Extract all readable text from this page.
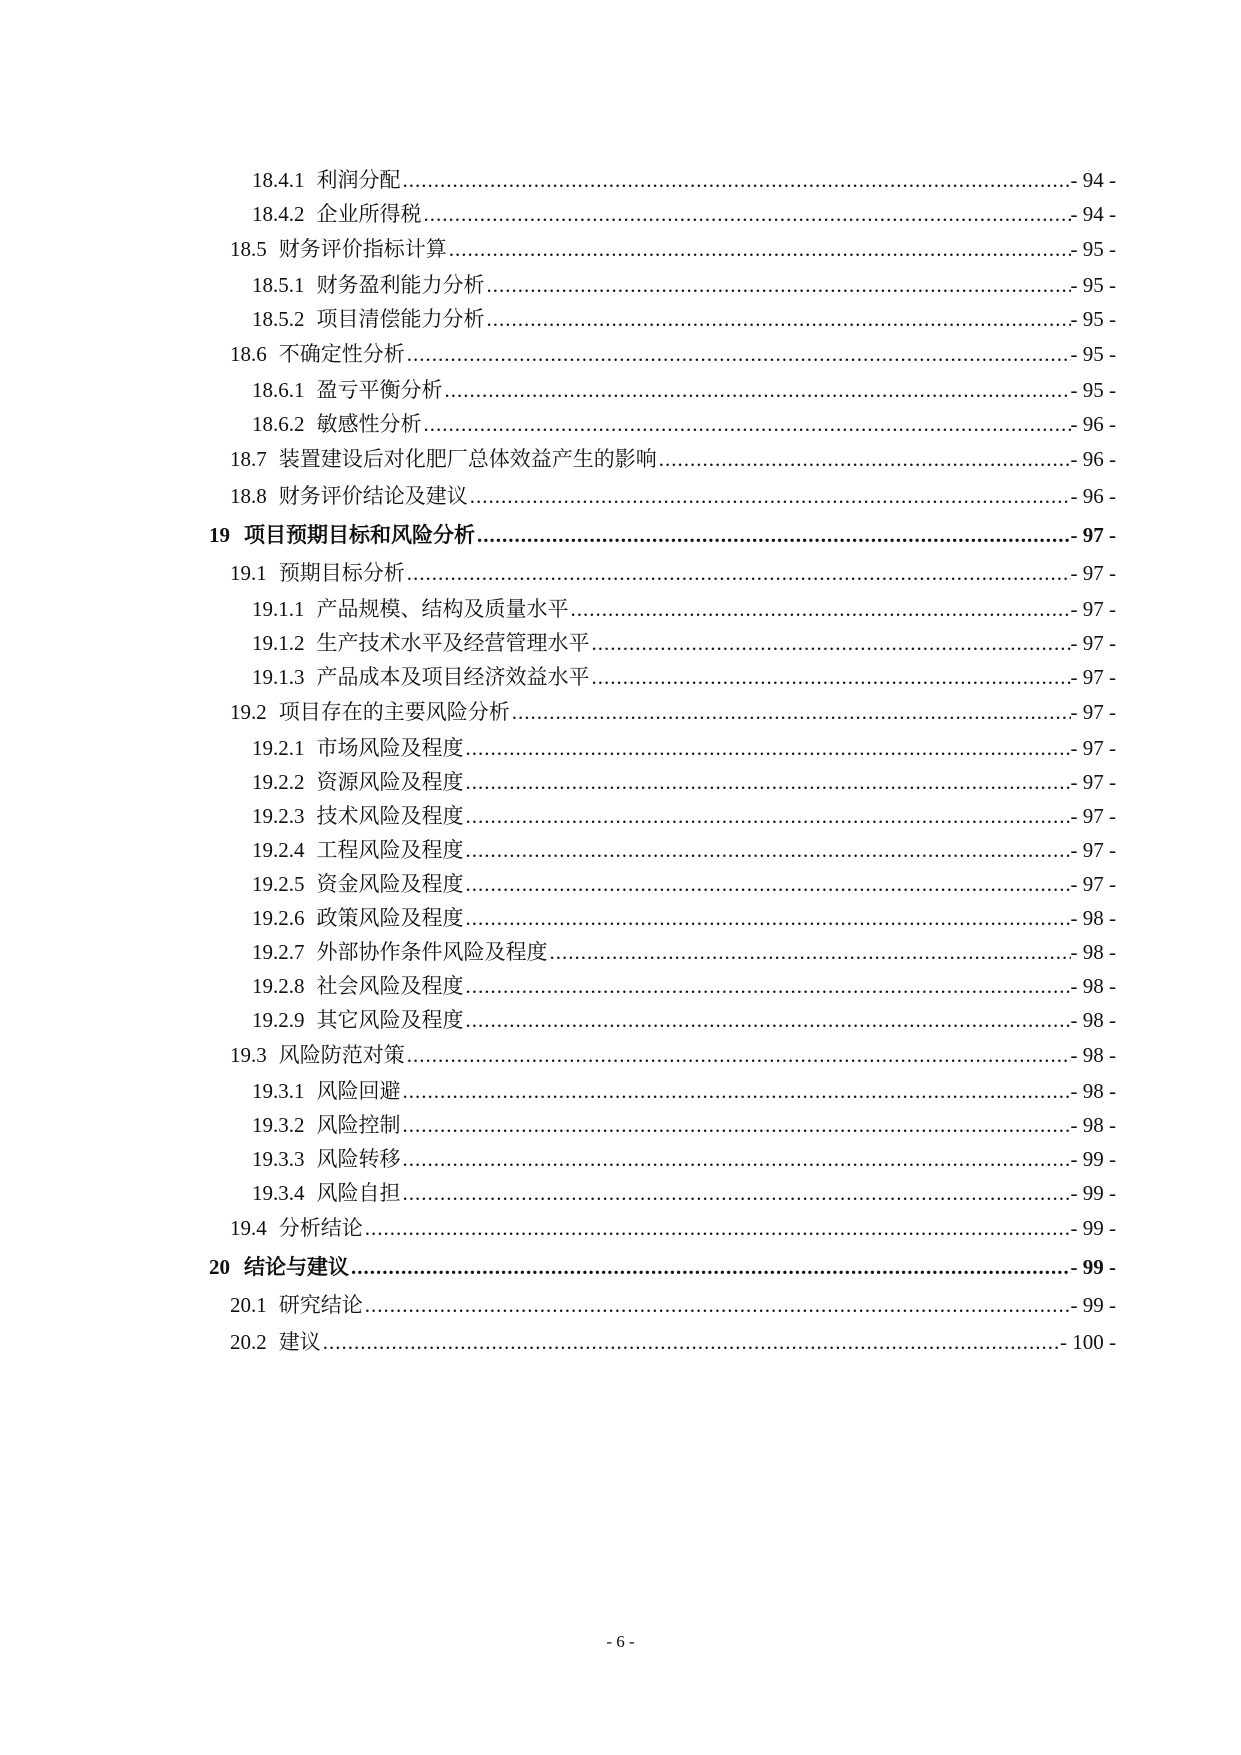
18.4.1 利润分配 .....	- 94 -
18.4.2 企业所得税 .....	- 94 -
18.5 财务评价指标计算 .....	- 95 -
18.5.1 财务盈利能力分析 .....	- 95 -
18.5.2 项目清偿能力分析 .....	- 95 -
18.6 不确定性分析 .....	- 95 -
18.6.1 盈亏平衡分析 .....	- 95 -
18.6.2 敏感性分析 .....	- 96 -
18.7 装置建设后对化肥厂总体效益产生的影响 .....	- 96 -
18.8 财务评价结论及建议 .....	- 96 -
19 项目预期目标和风险分析 .....	- 97 -
19.1 预期目标分析 .....	- 97 -
19.1.1 产品规模、结构及质量水平 .....	- 97 -
19.1.2 生产技术水平及经营管理水平 .....	- 97 -
19.1.3 产品成本及项目经济效益水平 .....	- 97 -
19.2 项目存在的主要风险分析 .....	- 97 -
19.2.1 市场风险及程度 .....	- 97 -
19.2.2 资源风险及程度 .....	- 97 -
19.2.3 技术风险及程度 .....	- 97 -
19.2.4 工程风险及程度 .....	- 97 -
19.2.5 资金风险及程度 .....	- 97 -
19.2.6 政策风险及程度 .....	- 98 -
19.2.7 外部协作条件风险及程度 .....	- 98 -
19.2.8 社会风险及程度 .....	- 98 -
19.2.9 其它风险及程度 .....	- 98 -
19.3 风险防范对策 .....	- 98 -
19.3.1 风险回避 .....	- 98 -
19.3.2 风险控制 .....	- 98 -
19.3.3 风险转移 .....	- 99 -
19.3.4 风险自担 .....	- 99 -
19.4 分析结论 .....	- 99 -
20 结论与建议 .....	- 99 -
20.1 研究结论 .....	- 99 -
20.2 建议 .....	- 100 -
- 6 -
